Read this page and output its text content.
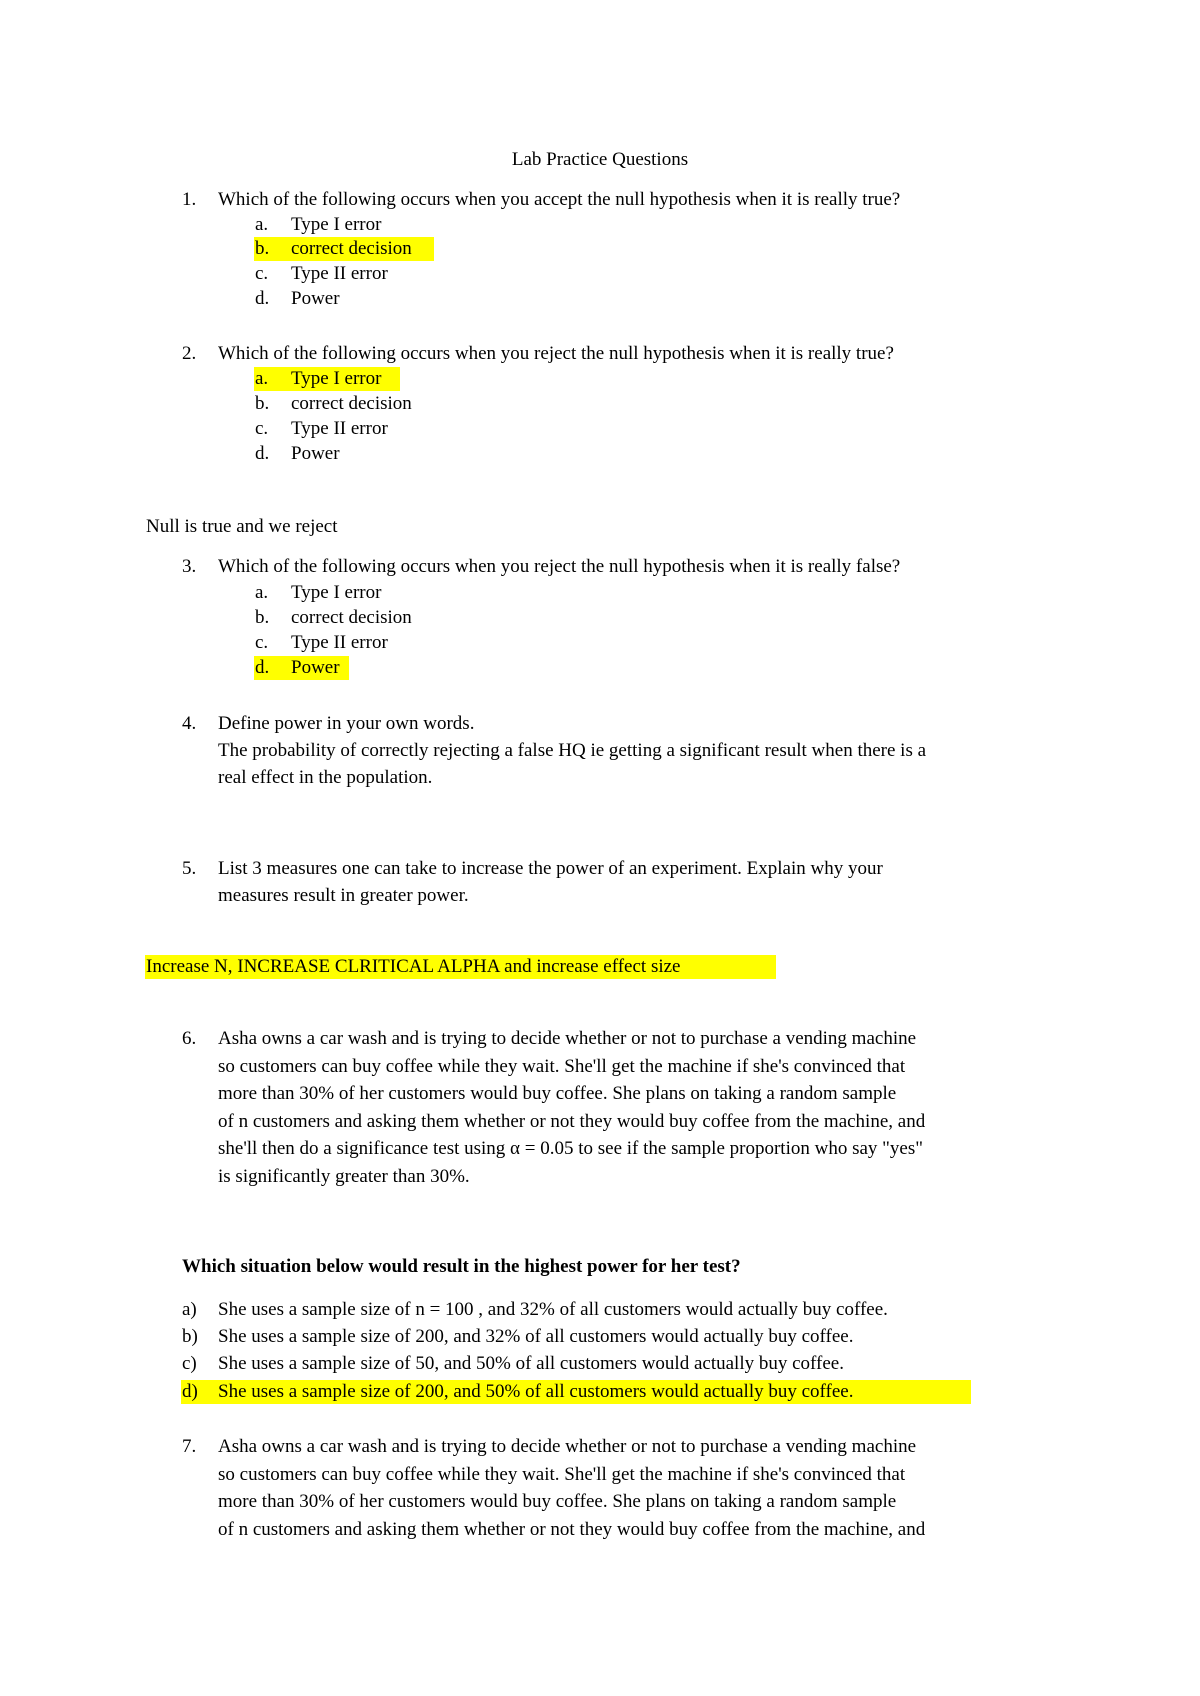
Lab Practice Questions
1. Which of the following occurs when you accept the null hypothesis when it is really true?
a. Type I error
b. correct decision
c. Type II error
d. Power
2. Which of the following occurs when you reject the null hypothesis when it is really true?
a. Type I error
b. correct decision
c. Type II error
d. Power
Null is true and we reject
3. Which of the following occurs when you reject the null hypothesis when it is really false?
a. Type I error
b. correct decision
c. Type II error
d. Power
4. Define power in your own words.
The probability of correctly rejecting a false HQ ie getting a significant result when there is a
real effect in the population.
5. List 3 measures one can take to increase the power of an experiment. Explain why your
measures result in greater power.
Increase N, INCREASE CLRITICAL ALPHA and increase effect size
6. Asha owns a car wash and is trying to decide whether or not to purchase a vending machine
so customers can buy coffee while they wait. She'll get the machine if she's convinced that
more than 30% of her customers would buy coffee. She plans on taking a random sample
of n customers and asking them whether or not they would buy coffee from the machine, and
she'll then do a significance test using α = 0.05 to see if the sample proportion who say "yes"
is significantly greater than 30%.
Which situation below would result in the highest power for her test?
a) She uses a sample size of n = 100 , and 32% of all customers would actually buy coffee.
b) She uses a sample size of 200, and 32% of all customers would actually buy coffee.
c) She uses a sample size of 50, and 50% of all customers would actually buy coffee.
d) She uses a sample size of 200, and 50% of all customers would actually buy coffee.
7. Asha owns a car wash and is trying to decide whether or not to purchase a vending machine
so customers can buy coffee while they wait. She'll get the machine if she's convinced that
more than 30% of her customers would buy coffee. She plans on taking a random sample
of n customers and asking them whether or not they would buy coffee from the machine, and
